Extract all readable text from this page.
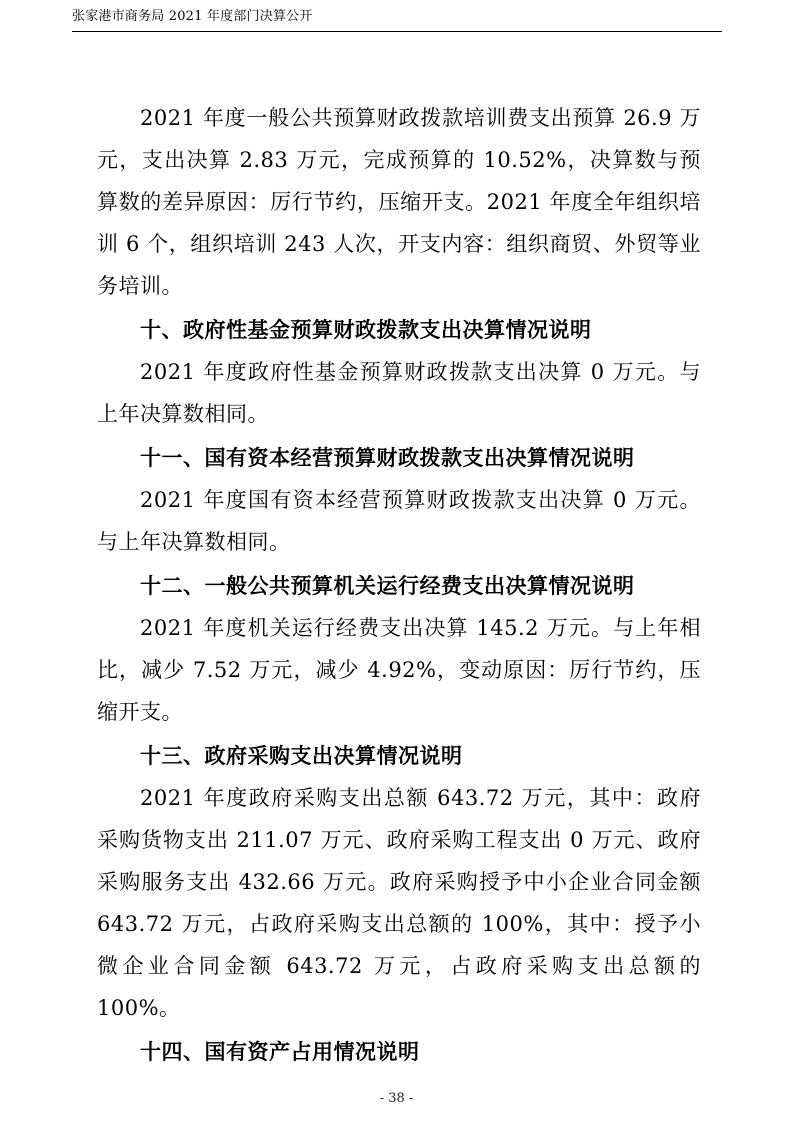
张家港市商务局 2021 年度部门决算公开

2021 年度一般公共预算财政拨款培训费支出预算 26.9 万元，支出决算 2.83 万元，完成预算的 10.52%，决算数与预算数的差异原因：厉行节约，压缩开支。2021 年度全年组织培训 6 个，组织培训 243 人次，开支内容：组织商贸、外贸等业务培训。

十、政府性基金预算财政拨款支出决算情况说明

2021 年度政府性基金预算财政拨款支出决算 0 万元。与上年决算数相同。

十一、国有资本经营预算财政拨款支出决算情况说明

2021 年度国有资本经营预算财政拨款支出决算 0 万元。与上年决算数相同。

十二、一般公共预算机关运行经费支出决算情况说明

2021 年度机关运行经费支出决算 145.2 万元。与上年相比，减少 7.52 万元，减少 4.92%，变动原因：厉行节约，压缩开支。

十三、政府采购支出决算情况说明

2021 年度政府采购支出总额 643.72 万元，其中：政府采购货物支出 211.07 万元、政府采购工程支出 0 万元、政府采购服务支出 432.66 万元。政府采购授予中小企业合同金额 643.72 万元，占政府采购支出总额的 100%，其中：授予小微企业合同金额 643.72 万元，占政府采购支出总额的 100%。

十四、国有资产占用情况说明

- 38 -
